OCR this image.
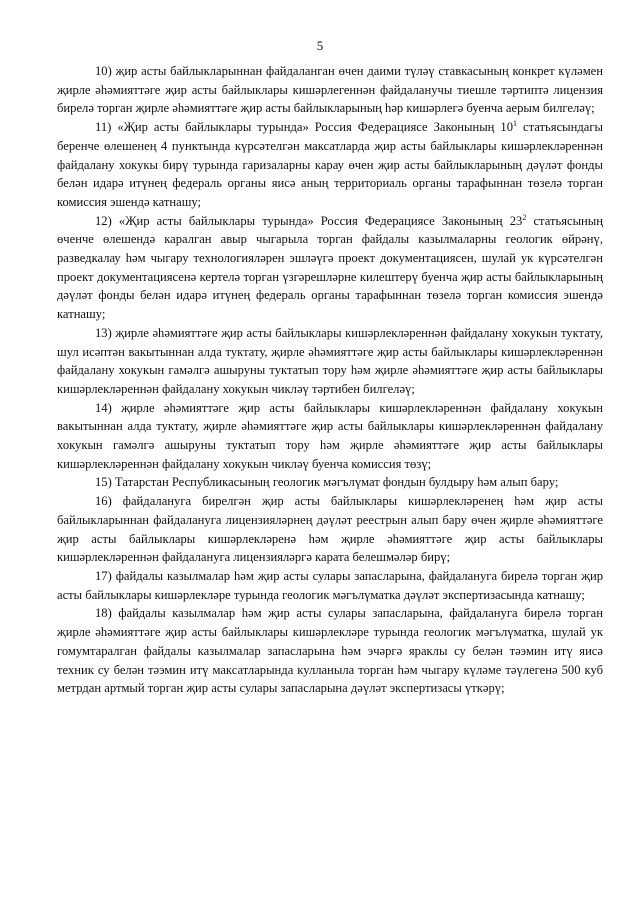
5

10) җир асты байлыкларыннан файдаланган өчен даими түләү ставкасының конкрет күләмен җирле әһәмияттәге җир асты байлыклары кишәрлегеннән файдаланучы тиешле тәртиптә лицензия бирелә торган җирле әһәмияттәге җир асты байлыкларының һәр кишәрлегә буенча аерым билгеләү;

11) «Җир асты байлыклары турында» Россия Федерациясе Законының $10^1$ статьясындагы беренче өлешенең 4 пунктында күрсәтелгән максатларда җир асты байлыклары кишәрлекләреннән файдалану хокукы бирү турында гаризаларны карау өчен җир асты байлыкларының дәүләт фонды белән идарә итүнең федераль органы яисә аның территориаль органы тарафыннан төзелә торган комиссия эшендә катнашу;

12) «Җир асты байлыклары турында» Россия Федерациясе Законының $23^2$ статьясының өченче өлешендә каралган авыр чыгарыла торган файдалы казылмаларны геологик өйрәнү, разведкалау һәм чыгару технологияләрен эшләүгә проект документациясен, шулай ук күрсәтелгән проект документациясенә кертелә торган үзгәрешләрне килештерү буенча җир асты байлыкларының дәүләт фонды белән идарә итүнең федераль органы тарафыннан төзелә торган комиссия эшендә катнашу;

13) җирле әһәмияттәге җир асты байлыклары кишәрлекләреннән файдалану хокукын туктату, шул исәптән вакытыннан алда туктату, җирле әһәмияттәге җир асты байлыклары кишәрлекләреннән файдалану хокукын гамәлгә ашыруны туктатып тору һәм җирле әһәмияттәге җир асты байлыклары кишәрлекләреннән файдалану хокукын чикләү тәртибен билгеләү;

14) җирле әһәмияттәге җир асты байлыклары кишәрлекләреннән файдалану хокукын вакытыннан алда туктату, җирле әһәмияттәге җир асты байлыклары кишәрлекләреннән файдалану хокукын гамәлгә ашыруны туктатып тору һәм җирле әһәмияттәге җир асты байлыклары кишәрлекләреннән файдалану хокукын чикләү буенча комиссия төзү;

15) Татарстан Республикасының геологик мәгълүмат фондын булдыру һәм алып бару;

16) файдалануга бирелгән җир асты байлыклары кишәрлекләренең һәм җир асты байлыкларыннан файдалануга лицензияләрнең дәүләт реестрын алып бару өчен җирле әһәмияттәге җир асты байлыклары кишәрлекләренә һәм җирле әһәмияттәге җир асты байлыклары кишәрлекләреннән файдалануга лицензияләргә карата белешмәләр бирү;

17) файдалы казылмалар һәм җир асты сулары запасларына, файдалануга бирелә торган җир асты байлыклары кишәрлекләре турында геологик мәгълүматка дәүләт экспертизасында катнашу;

18) файдалы казылмалар һәм җир асты сулары запасларына, файдалануга бирелә торган җирле әһәмияттәге җир асты байлыклары кишәрлекләре турында геологик мәгълүматка, шулай ук гомумтаралган файдалы казылмалар запасларына һәм эчәргә яраклы су белән тәэмин итү яисә техник су белән тәэмин итү максатларында кулланыла торган һәм чыгару күләме тәүлегенә 500 куб метрдан артмый торган җир асты сулары запасларына дәүләт экспертизасы үткәрү;
